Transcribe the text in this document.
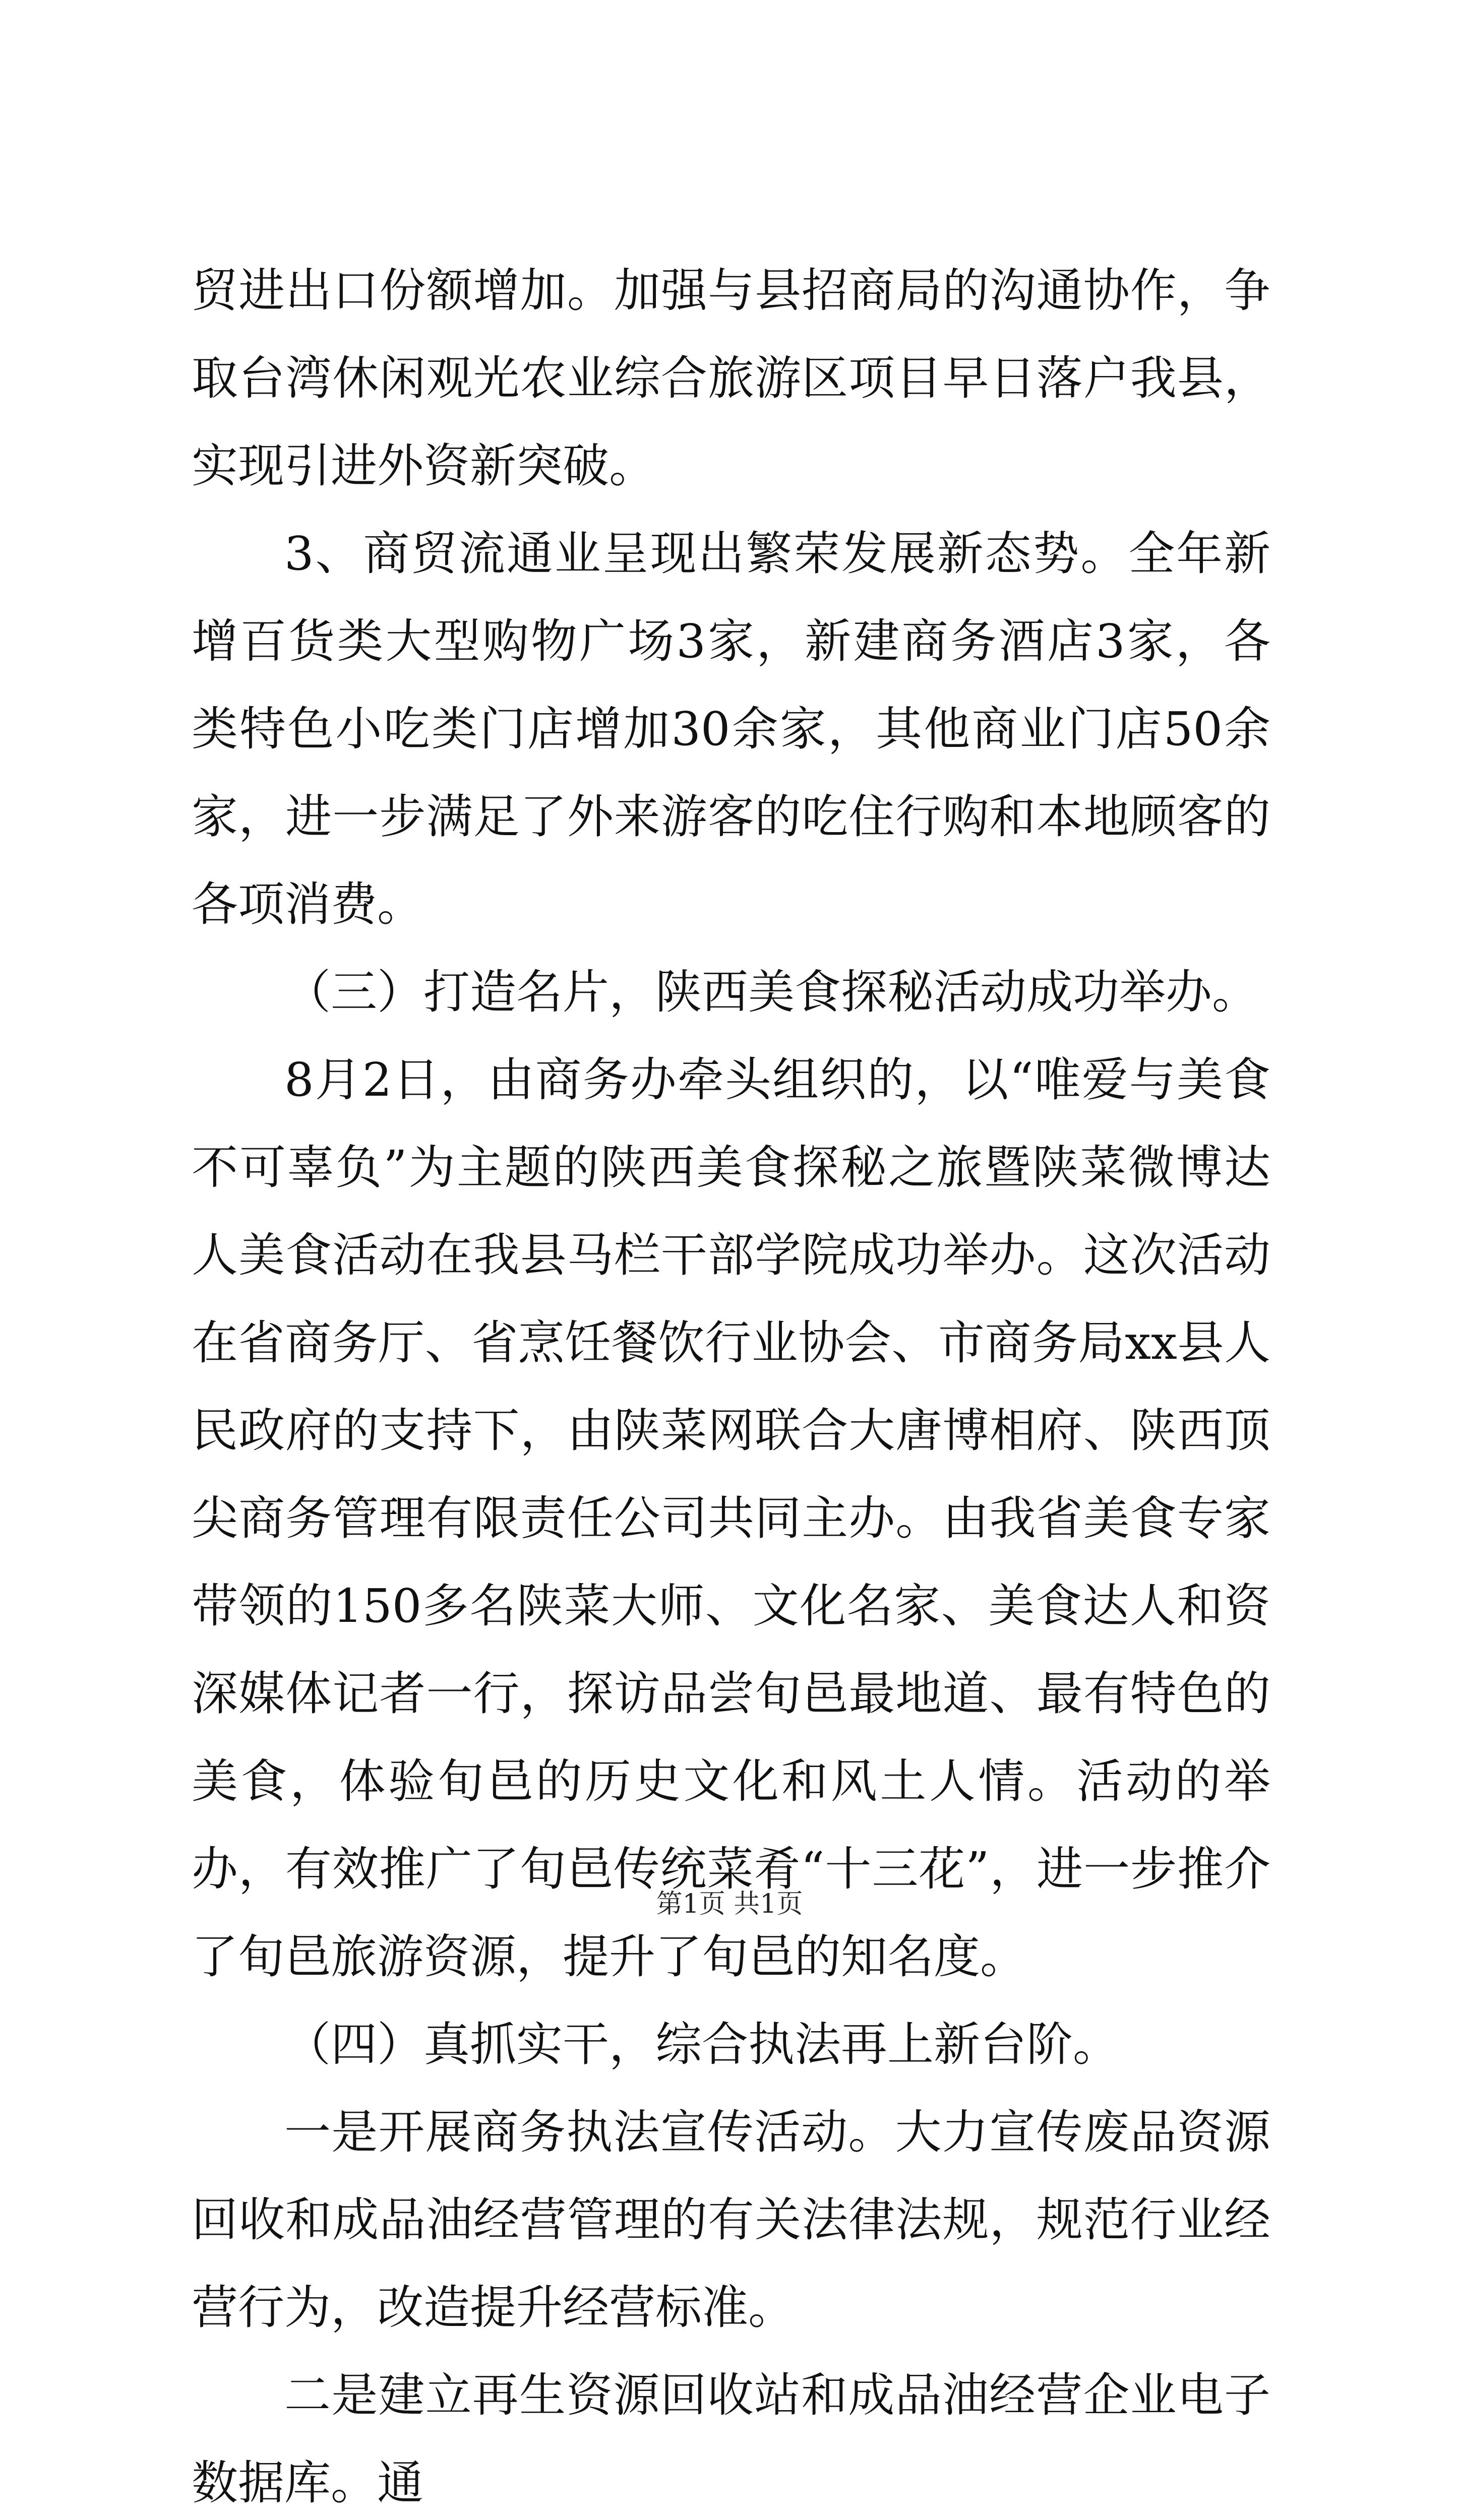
贸进出口份额增加。加强与县招商局的沟通协作，争取台湾休闲观光农业综合旅游区项目早日落户我县，实现引进外资新突破。

3、商贸流通业呈现出繁荣发展新态势。全年新增百货类大型购物广场3家，新建商务酒店3家，各类特色小吃类门店增加30余家，其他商业门店50余家，进一步满足了外来游客的吃住行购和本地顾客的各项消费。

（三）打造名片，陕西美食探秘活动成功举办。

8月2日，由商务办牵头组织的，以“唯爱与美食不可辜负”为主题的陕西美食探秘之旅暨陕菜微博达人美食活动在我县马栏干部学院成功举办。这次活动在省商务厅、省烹饪餐饮行业协会、市商务局xx县人民政府的支持下，由陕菜网联合大唐博相府、陕西顶尖商务管理有限责任公司共同主办。由我省美食专家带领的150多名陕菜大师、文化名家、美食达人和资深媒体记者一行，探访品尝旬邑最地道、最有特色的美食，体验旬邑的历史文化和风土人情。活动的举办，有效推广了旬邑传统菜肴“十三花”，进一步推介了旬邑旅游资源，提升了旬邑的知名度。

（四）真抓实干，综合执法再上新台阶。

一是开展商务执法宣传活动。大力宣传废品资源回收和成品油经营管理的有关法律法规，规范行业经营行为，改造提升经营标准。

二是建立再生资源回收站和成品油经营企业电子数据库。通

第1页 共1页
